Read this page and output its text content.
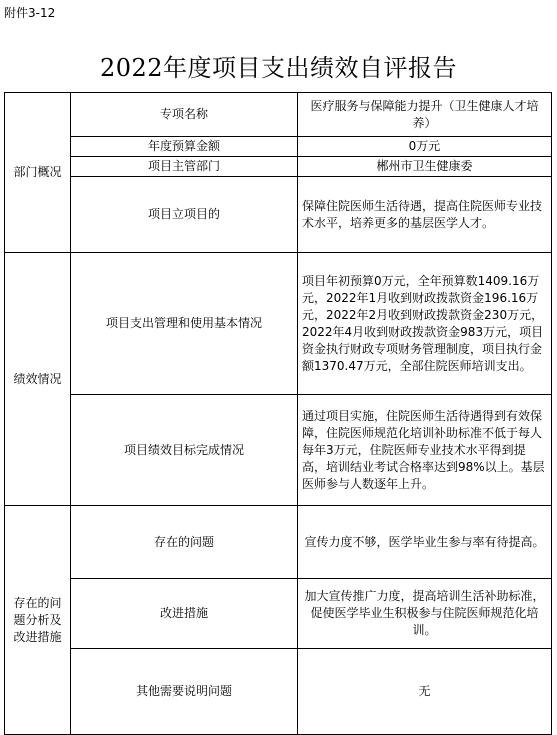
附件3-12
2022年度项目支出绩效自评报告
部门概况	专项名称	医疗服务与保障能力提升（卫生健康人才培养）
	年度预算金额	0万元
	项目主管部门	郴州市卫生健康委
	项目立项目的	保障住院医师生活待遇，提高住院医师专业技术水平，培养更多的基层医学人才。
绩效情况	项目支出管理和使用基本情况	项目年初预算0万元，全年预算数1409.16万元，2022年1月收到财政拨款资金196.16万元，2022年2月收到财政拨款资金230万元，2022年4月收到财政拨款资金983万元，项目资金执行财政专项财务管理制度，项目执行金额1370.47万元，全部住院医师培训支出。
	项目绩效目标完成情况	通过项目实施，住院医师生活待遇得到有效保障，住院医师规范化培训补助标准不低于每人每年3万元，住院医师专业技术水平得到提高，培训结业考试合格率达到98%以上。基层医师参与人数逐年上升。
存在的问题分析及改进措施	存在的问题	宣传力度不够，医学毕业生参与率有待提高。
	改进措施	加大宣传推广力度，提高培训生活补助标准，促使医学毕业生积极参与住院医师规范化培训。
	其他需要说明问题	无
